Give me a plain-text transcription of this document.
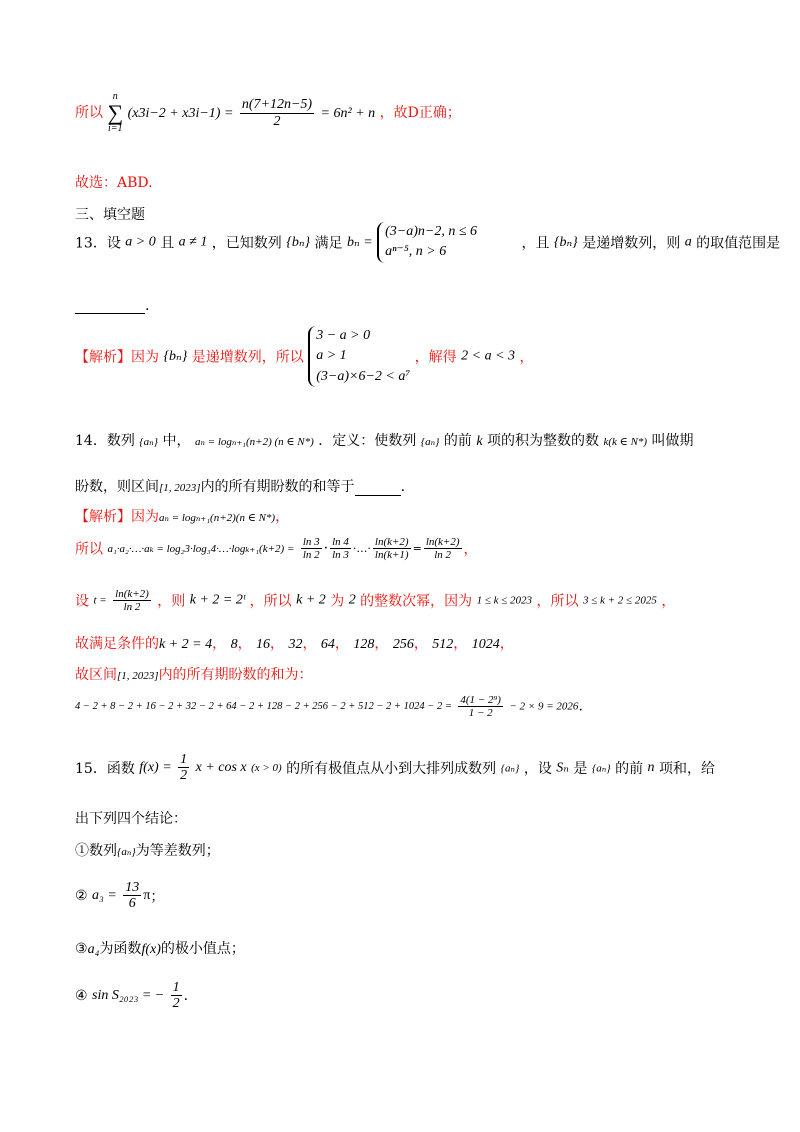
所以
n
∑
i=1
$(x3i-2 + x3i-1) = \frac{n(7+12n-5)}{2} = 6n^2 + n$ ，故D正确；
故选：ABD.
三、填空题
13．设 a > 0 且 a ≠ 1 ，已知数列 {bₙ} 满足 bₙ =
(3−a)n−2, n ≤ 6
aⁿ⁻⁵, n > 6
，且 {bₙ} 是递增数列，则 a 的取值范围是
.
【解析】因为 {bₙ} 是递增数列，所以
3 − a > 0
a > 1
(3−a)×6−2 < a⁷
，解得 2 < a < 3 ，
14．数列 {aₙ} 中， aₙ = logₙ₊₁(n+2) (n ∈ N*) ．定义：使数列 {aₙ} 的前 k 项的积为整数的数 k(k ∈ N*) 叫做期
盼数，则区间[1, 2023]内的所有期盼数的和等于	.
【解析】因为aₙ = logₙ₊₁(n+2)(n ∈ N*)，
所以 a₁·a₂·…·aₖ = log₂3·log₃4·…·logₖ₊₁(k+2) = $\frac{\ln 3}{\ln 2} \cdot \frac{\ln 4}{\ln 3}$ ·…· $\frac{\ln(k+2)}{\ln(k+1)} = \frac{\ln(k+2)}{\ln 2}$ ，
设 $t = \frac{\ln(k+2)}{\ln 2}$ ，则 k + 2 = 2ᵗ ，所以 k + 2 为 2 的整数次幂，因为 1 ≤ k ≤ 2023 ，所以 3 ≤ k + 2 ≤ 2025 ，
故满足条件的k + 2 = 4， 8， 16， 32， 64， 128， 256， 512， 1024，
故区间[1, 2023]内的所有期盼数的和为：
$4 - 2 + 8 - 2 + 16 - 2 + 32 - 2 + 64 - 2 + 128 - 2 + 256 - 2 + 512 - 2 + 1024 - 2 = \frac{\text{4(1 − 2⁹)}}{1 - 2} - 2 \times 9 = 2026$.
15．函数 $f(x) = \frac{1}{2}$ x + cos x (x > 0) 的所有极值点从小到大排列成数列 {aₙ} ，设 Sₙ 是 {aₙ} 的前 n 项和，给
出下列四个结论：
①数列{aₙ}为等差数列；
② $a_3 = \frac{13}{6}$ π；
③a₄为函数f(x)的极小值点；
④ sin S₂₀₂₃ = − $\frac{1}{2}$ .
